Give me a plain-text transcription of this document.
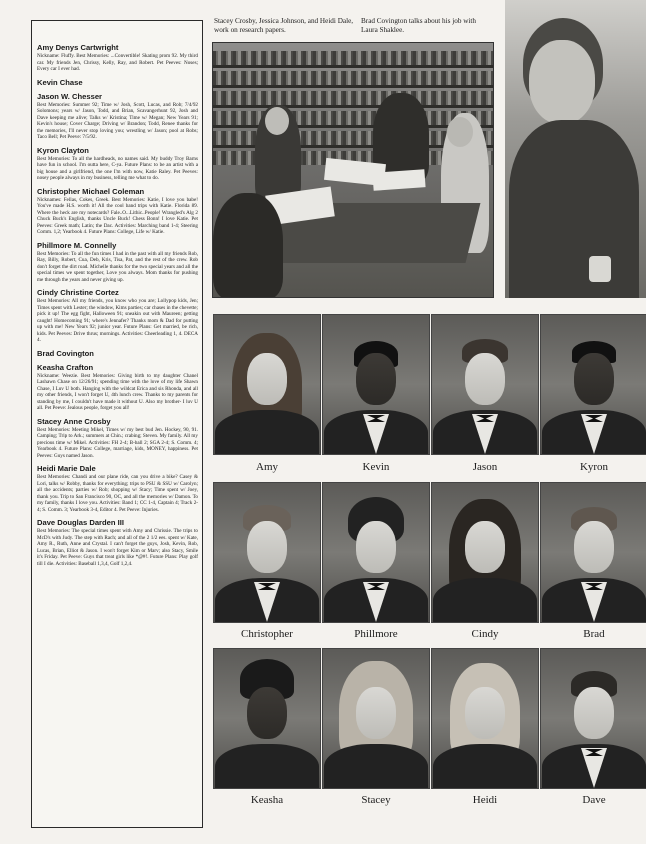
Amy Denys Cartwright
Nickname: Fluffy. Best Memories: ...Convertible! Skating prom 92. My third car. My friends Jen, Chrissy, Kelly, Ray, and Robert. Pet Peeves: Noses; Every car I ever had.
Kevin Chase
Jason W. Chesser
Best Memories: Summer 92; Time w/ Josh, Scott, Lucas, and Rob; 7/4/92 Solomons; years w/ Jason, Todd, and Brian, Scavangerhunt 92, Josh and Dave keeping me alive; Talks w/ Kristina; Time w/ Megan; New Years 91; Kevin's house; Cover Charge; Driving w/ Brandon; Todd, Renee thanks for the memories, I'll never stop loving you; wrestling w/ Jason; pool at Robs; Taco Bell; Pet Peeve: 7/5/92.
Kyron Clayton
Best Memories: To all the hardheads, no names said. My buddy Troy Barns have fun in school. I'm outta here, C-ya. Future Plans: to be an artist with a big house and a girlfriend, the one I'm with now, Katie Raley. Pet Peeves: nosey people always in my business, telling me what to do.
Christopher Michael Coleman
Nicknames: Fellas, Cokes, Greek. Best Memories: Katie, I love you babe! You've made H.S. worth it! All the cool band trips with Katie. Florida 89. Where the heck are my notecards? Fale..O...Lithic..People! Wrangled's Alg 2 Chuck Buck's English, thanks Uncle Buck! Chess Bonn! I love Katie. Pet Peeves: Greek math; Latin; the Dac. Activities: Marching band 1-4; Steering Comm. 1,2; Yearbook 4. Future Plans: College, Life w/ Katie.
Phillmore M. Connelly
Best Memories: To all the fun times I had in the past with all my friends Rob, Ray, Billy, Robert, Cua, Deb, Kris, Tisa, Pat, and the rest of the crew. Rob don't forget the dirt road. Michelle thanks for the two special years and all the special times we spent together, Love you always. Mom thanks for pushing me through the years and never giving up.
Cindy Christine Cortez
Best Memories: All my friends, you know who you are; Lollypop kids, Jen; Times spent with Lester; the window, Kims parties; car chases in the chevette; pick it up! The egg fight, Halloween 91; sneakin out with Maureen; getting caught! Homecoming 91; where's Jennafer? Thanks mom & Dad for putting up with me! New Years 92; junior year. Future Plans: Get married, be rich, kids. Pet Peeves: Drive thrus; mornings. Activities: Cheerleading 1, 4. DECA 4.
Brad Covington
Keasha Crafton
Nickname: Weezie. Best Memories: Giving birth to my daughter Chanel Lashawn Chase on 12/26/91; spending time with the love of my life Shawn Chase, I Luv U both. Hanging with the wildcat Erica and sis Rhonda, and all my other friends, I won't forget U, 4th lunch crew. Thanks to my parents for standing by me, I couldn't have made it without U. Also my brother- I luv U all. Pet Peeve: Jealous people, forget you all!
Stacey Anne Crosby
Best Memories: Meeting Mikel, Times w/ my best bud Jen. Hockey, 90, 91. Camping; Trip to Ark.; summers at Chin.; crabing; Steven. My family. All my precious time w/ Mikel. Activities: FH 2-4; B-ball 2; SGA 2-4; S. Comm. 4; Yearbook 4. Future Plans: College, marriage, kids, MONEY, happiness. Pet Peeves: Guys named Jason.
Heidi Marie Dale
Best Memories: Chandi and our plane ride, can you drive a bike? Casey & Lori, talks w/ Robby, thanks for everything; trips to PSU & SSU w/ Carolyn; all the accidents; parties w/ Rob; shopping w/ Stacy; Time spent w/ Joey, thank you. Trip to San Francisco 90, OC, and all the memories w/ Damon. To my family, thanks I love you. Activities: Band 1; CC 1-4, Captain 4; Track 2-4; S. Comm. 3; Yearbook 3-4, Editor 4. Pet Peeve: Injuries.
Dave Douglas Darden III
Best Memories: The special times spent with Amy and Chrissie. The trips to McD's with Judy. The step with Rach; and all of the 2 1/2 ees. spent w/ Kate, Amy R., Ruth, Anne and Crystal. I can't forget the guys, Josh, Kevin, Rob, Lucas, Brian, Elliot & Jason. I won't forget Kim or Marv; also Stacy, Smile it's Friday. Pet Peeve: Guys that treat girls like *@#!. Future Plans: Play golf till I die. Activities: Baseball 1,3,4, Golf 1,2,4.
Stacey Crosby, Jessica Johnson, and Heidi Dale, work on research papers.
Brad Covington talks about his job with Laura Shaklee.
Amy	Kevin	Jason	Kyron
Christopher	Phillmore	Cindy	Brad
Keasha	Stacey	Heidi	Dave
